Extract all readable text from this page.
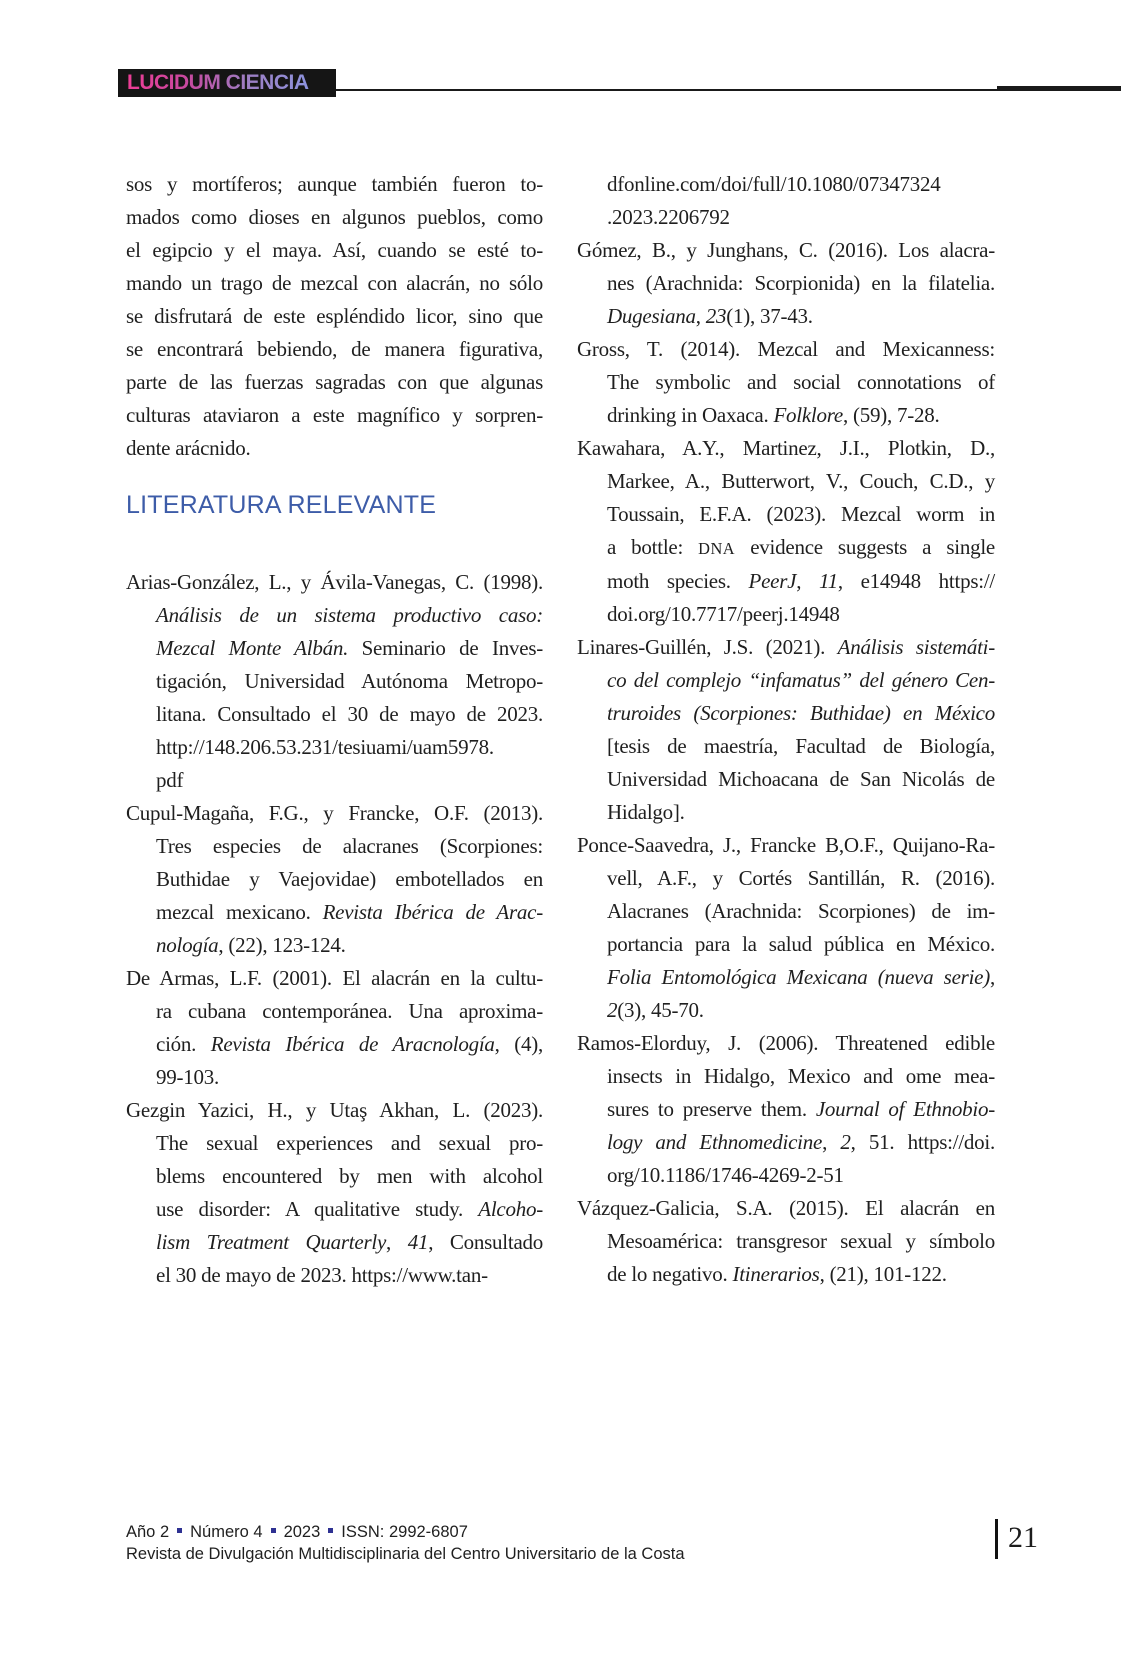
LUCIDUM CIENCIA
sos y mortíferos; aunque también fueron to-
mados como dioses en algunos pueblos, como
el egipcio y el maya. Así, cuando se esté to-
mando un trago de mezcal con alacrán, no sólo
se disfrutará de este espléndido licor, sino que
se encontrará bebiendo, de manera figurativa,
parte de las fuerzas sagradas con que algunas
culturas ataviaron a este magnífico y sorpren-
dente arácnido.
LITERATURA RELEVANTE
Arias-González, L., y Ávila-Vanegas, C. (1998).
Análisis de un sistema productivo caso:
Mezcal Monte Albán. Seminario de Inves-
tigación, Universidad Autónoma Metropo-
litana. Consultado el 30 de mayo de 2023.
http://148.206.53.231/tesiuami/uam5978.
pdf
Cupul-Magaña, F.G., y Francke, O.F. (2013).
Tres especies de alacranes (Scorpiones:
Buthidae y Vaejovidae) embotellados en
mezcal mexicano. Revista Ibérica de Arac-
nología, (22), 123-124.
De Armas, L.F. (2001). El alacrán en la cultu-
ra cubana contemporánea. Una aproxima-
ción. Revista Ibérica de Aracnología, (4),
99-103.
Gezgin Yazici, H., y Utaş Akhan, L. (2023).
The sexual experiences and sexual pro-
blems encountered by men with alcohol
use disorder: A qualitative study. Alcoho-
lism Treatment Quarterly, 41, Consultado
el 30 de mayo de 2023. https://www.tan-
dfonline.com/doi/full/10.1080/07347324
.2023.2206792
Gómez, B., y Junghans, C. (2016). Los alacra-
nes (Arachnida: Scorpionida) en la filatelia.
Dugesiana, 23(1), 37-43.
Gross, T. (2014). Mezcal and Mexicanness:
The symbolic and social connotations of
drinking in Oaxaca. Folklore, (59), 7-28.
Kawahara, A.Y., Martinez, J.I., Plotkin, D.,
Markee, A., Butterwort, V., Couch, C.D., y
Toussain, E.F.A. (2023). Mezcal worm in
a bottle: DNA evidence suggests a single
moth species. PeerJ, 11, e14948 https://
doi.org/10.7717/peerj.14948
Linares-Guillén, J.S. (2021). Análisis sistemáti-
co del complejo “infamatus” del género Cen-
truroides (Scorpiones: Buthidae) en México
[tesis de maestría, Facultad de Biología,
Universidad Michoacana de San Nicolás de
Hidalgo].
Ponce-Saavedra, J., Francke B,O.F., Quijano-Ra-
vell, A.F., y Cortés Santillán, R. (2016).
Alacranes (Arachnida: Scorpiones) de im-
portancia para la salud pública en México.
Folia Entomológica Mexicana (nueva serie),
2(3), 45-70.
Ramos-Elorduy, J. (2006). Threatened edible
insects in Hidalgo, Mexico and ome mea-
sures to preserve them. Journal of Ethnobio-
logy and Ethnomedicine, 2, 51. https://doi.
org/10.1186/1746-4269-2-51
Vázquez-Galicia, S.A. (2015). El alacrán en
Mesoamérica: transgresor sexual y símbolo
de lo negativo. Itinerarios, (21), 101-122.
Año 2 Número 4 2023 ISSN: 2992-6807
Revista de Divulgación Multidisciplinaria del Centro Universitario de la Costa	21
